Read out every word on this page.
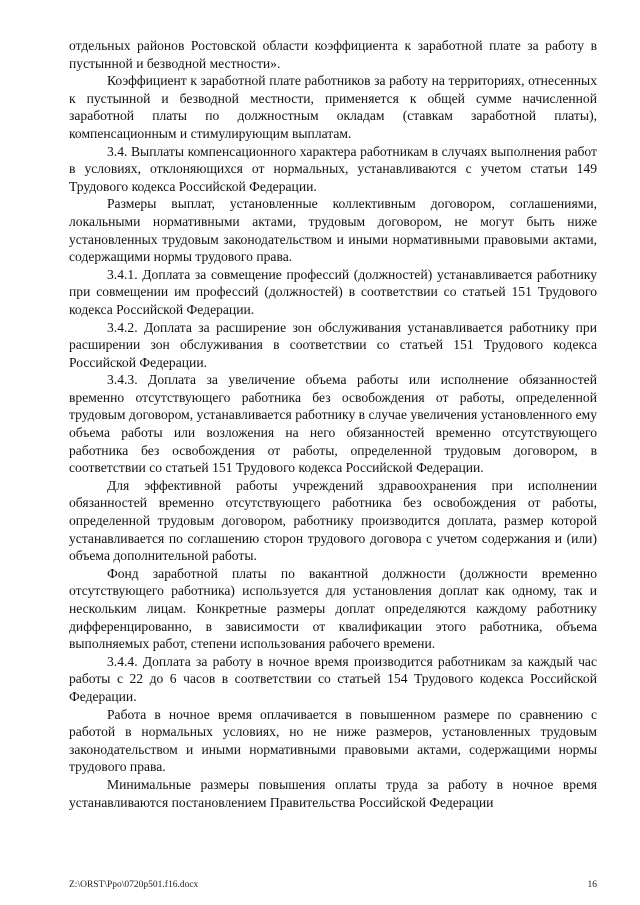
отдельных районов Ростовской области коэффициента к заработной плате за работу в пустынной и безводной местности».

Коэффициент к заработной плате работников за работу на территориях, отнесенных к пустынной и безводной местности, применяется к общей сумме начисленной заработной платы по должностным окладам (ставкам заработной платы), компенсационным и стимулирующим выплатам.

3.4. Выплаты компенсационного характера работникам в случаях выполнения работ в условиях, отклоняющихся от нормальных, устанавливаются с учетом статьи 149 Трудового кодекса Российской Федерации.

Размеры выплат, установленные коллективным договором, соглашениями, локальными нормативными актами, трудовым договором, не могут быть ниже установленных трудовым законодательством и иными нормативными правовыми актами, содержащими нормы трудового права.

3.4.1. Доплата за совмещение профессий (должностей) устанавливается работнику при совмещении им профессий (должностей) в соответствии со статьей 151 Трудового кодекса Российской Федерации.

3.4.2. Доплата за расширение зон обслуживания устанавливается работнику при расширении зон обслуживания в соответствии со статьей 151 Трудового кодекса Российской Федерации.

3.4.3. Доплата за увеличение объема работы или исполнение обязанностей временно отсутствующего работника без освобождения от работы, определенной трудовым договором, устанавливается работнику в случае увеличения установленного ему объема работы или возложения на него обязанностей временно отсутствующего работника без освобождения от работы, определенной трудовым договором, в соответствии со статьей 151 Трудового кодекса Российской Федерации.

Для эффективной работы учреждений здравоохранения при исполнении обязанностей временно отсутствующего работника без освобождения от работы, определенной трудовым договором, работнику производится доплата, размер которой устанавливается по соглашению сторон трудового договора с учетом содержания и (или) объема дополнительной работы.

Фонд заработной платы по вакантной должности (должности временно отсутствующего работника) используется для установления доплат как одному, так и нескольким лицам. Конкретные размеры доплат определяются каждому работнику дифференцированно, в зависимости от квалификации этого работника, объема выполняемых работ, степени использования рабочего времени.

3.4.4. Доплата за работу в ночное время производится работникам за каждый час работы с 22 до 6 часов в соответствии со статьей 154 Трудового кодекса Российской Федерации.

Работа в ночное время оплачивается в повышенном размере по сравнению с работой в нормальных условиях, но не ниже размеров, установленных трудовым законодательством и иными нормативными правовыми актами, содержащими нормы трудового права.

Минимальные размеры повышения оплаты труда за работу в ночное время устанавливаются постановлением Правительства Российской Федерации

Z:\ORST\Ppo\0720p501.f16.docx	16
